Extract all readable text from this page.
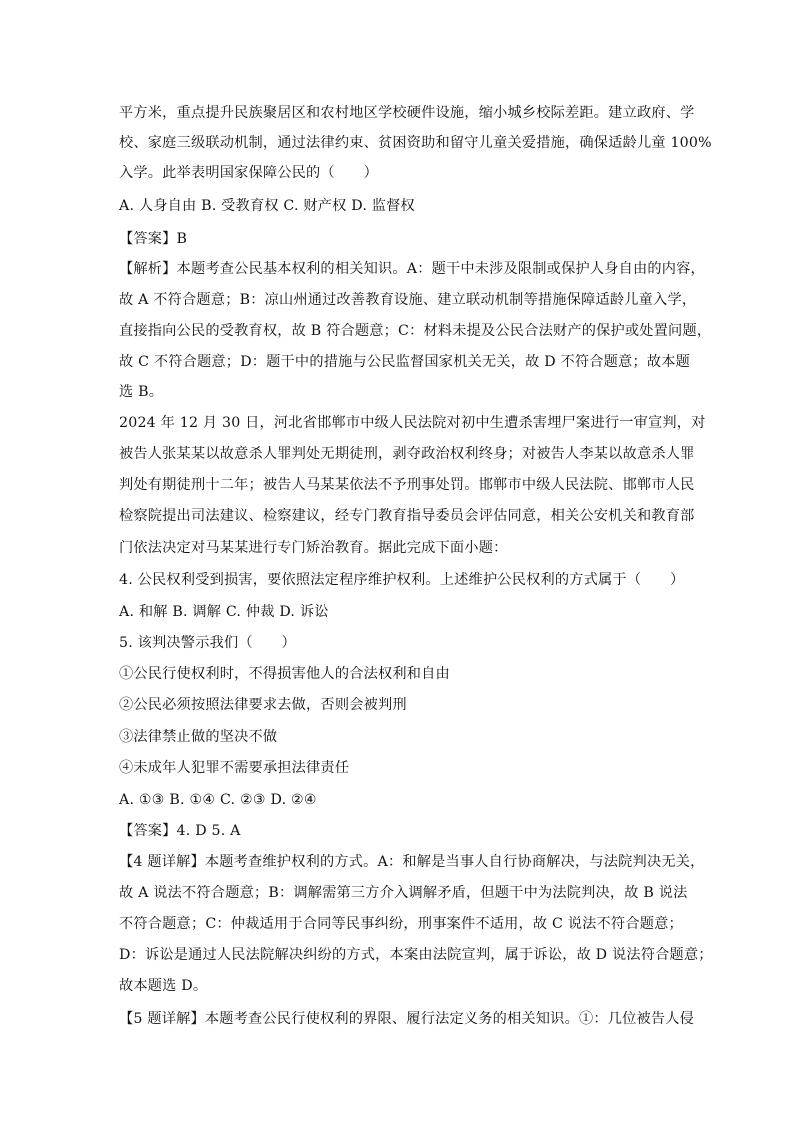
平方米，重点提升民族聚居区和农村地区学校硬件设施，缩小城乡校际差距。建立政府、学
校、家庭三级联动机制，通过法律约束、贫困资助和留守儿童关爱措施，确保适龄儿童 100%
入学。此举表明国家保障公民的（　　）
A. 人身自由 B. 受教育权 C. 财产权 D. 监督权
【答案】B
【解析】本题考查公民基本权利的相关知识。A：题干中未涉及限制或保护人身自由的内容，
故 A 不符合题意；B：凉山州通过改善教育设施、建立联动机制等措施保障适龄儿童入学，
直接指向公民的受教育权，故 B 符合题意；C：材料未提及公民合法财产的保护或处置问题，
故 C 不符合题意；D：题干中的措施与公民监督国家机关无关，故 D 不符合题意；故本题
选 B。
2024 年 12 月 30 日，河北省邯郸市中级人民法院对初中生遭杀害埋尸案进行一审宣判，对
被告人张某某以故意杀人罪判处无期徒刑，剥夺政治权利终身；对被告人李某以故意杀人罪
判处有期徒刑十二年；被告人马某某依法不予刑事处罚。邯郸市中级人民法院、邯郸市人民
检察院提出司法建议、检察建议，经专门教育指导委员会评估同意，相关公安机关和教育部
门依法决定对马某某进行专门矫治教育。据此完成下面小题：
4. 公民权利受到损害，要依照法定程序维护权利。上述维护公民权利的方式属于（　　）
A. 和解 B. 调解 C. 仲裁 D. 诉讼
5. 该判决警示我们（　　）
①公民行使权利时，不得损害他人的合法权利和自由
②公民必须按照法律要求去做，否则会被判刑
③法律禁止做的坚决不做
④未成年人犯罪不需要承担法律责任
A. ①③ B. ①④ C. ②③ D. ②④
【答案】4. D 5. A
【4 题详解】本题考查维护权利的方式。A：和解是当事人自行协商解决，与法院判决无关，
故 A 说法不符合题意；B：调解需第三方介入调解矛盾，但题干中为法院判决，故 B 说法
不符合题意；C：仲裁适用于合同等民事纠纷，刑事案件不适用，故 C 说法不符合题意；
D：诉讼是通过人民法院解决纠纷的方式，本案由法院宣判，属于诉讼，故 D 说法符合题意；
故本题选 D。
【5 题详解】本题考查公民行使权利的界限、履行法定义务的相关知识。①：几位被告人侵
